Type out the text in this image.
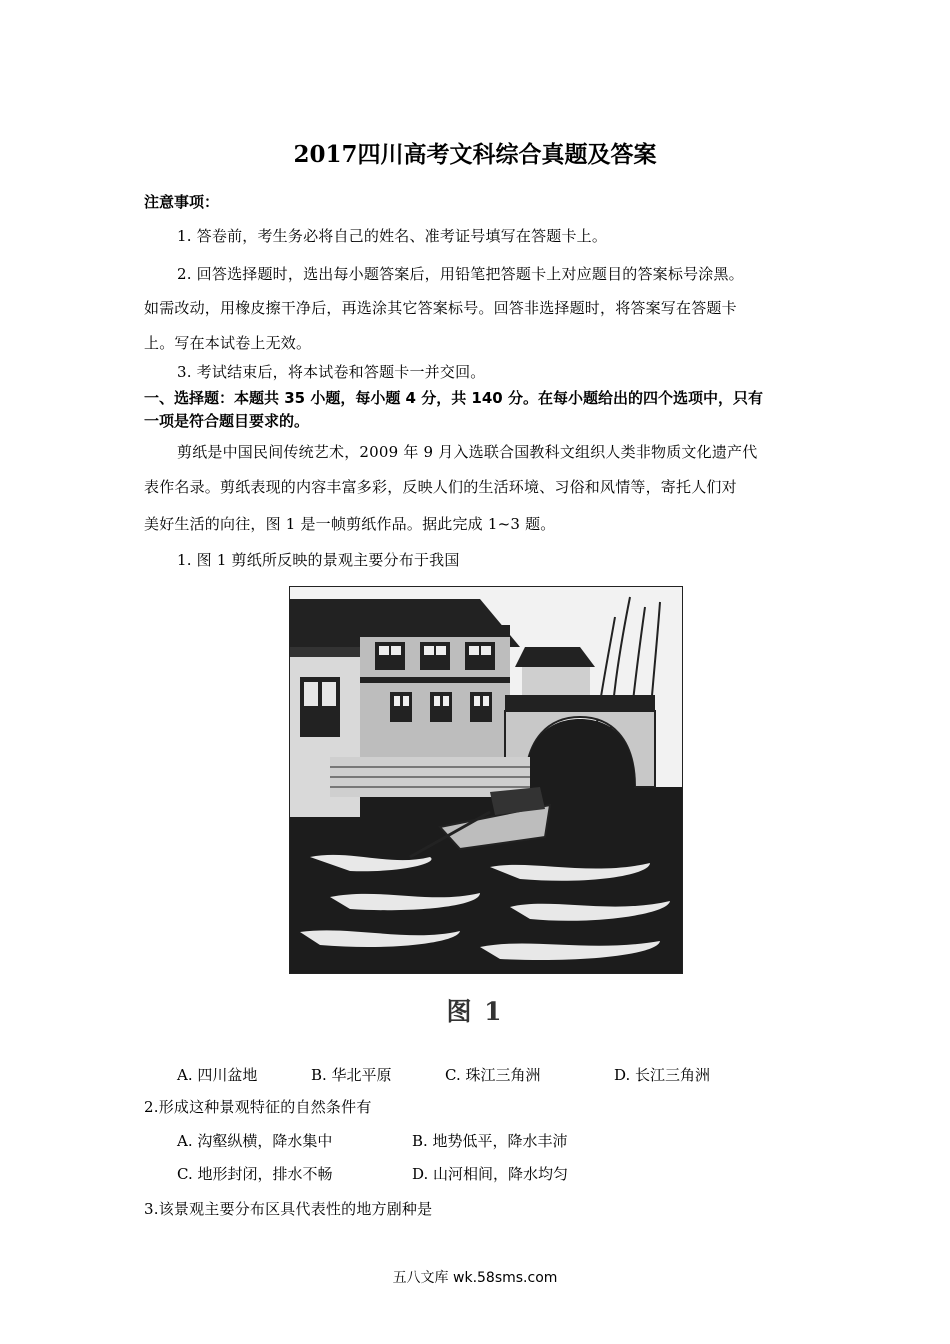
2017四川高考文科综合真题及答案
注意事项：
1. 答卷前，考生务必将自己的姓名、准考证号填写在答题卡上。
2. 回答选择题时，选出每小题答案后，用铅笔把答题卡上对应题目的答案标号涂黑。
如需改动，用橡皮擦干净后，再选涂其它答案标号。回答非选择题时，将答案写在答题卡
上。写在本试卷上无效。
3. 考试结束后，将本试卷和答题卡一并交回。
一、选择题：本题共 35 小题，每小题 4 分，共 140 分。在每小题给出的四个选项中，只有
一项是符合题目要求的。
剪纸是中国民间传统艺术，2009 年 9 月入选联合国教科文组织人类非物质文化遗产代
表作名录。剪纸表现的内容丰富多彩，反映人们的生活环境、习俗和风情等，寄托人们对
美好生活的向往，图 1 是一帧剪纸作品。据此完成 1~3 题。
1. 图 1 剪纸所反映的景观主要分布于我国
图 1
A. 四川盆地	B. 华北平原	C. 珠江三角洲	D. 长江三角洲
2.形成这种景观特征的自然条件有
A. 沟壑纵横，降水集中	B. 地势低平，降水丰沛
C. 地形封闭，排水不畅	D. 山河相间，降水均匀
3.该景观主要分布区具代表性的地方剧种是
五八文库 wk.58sms.com
